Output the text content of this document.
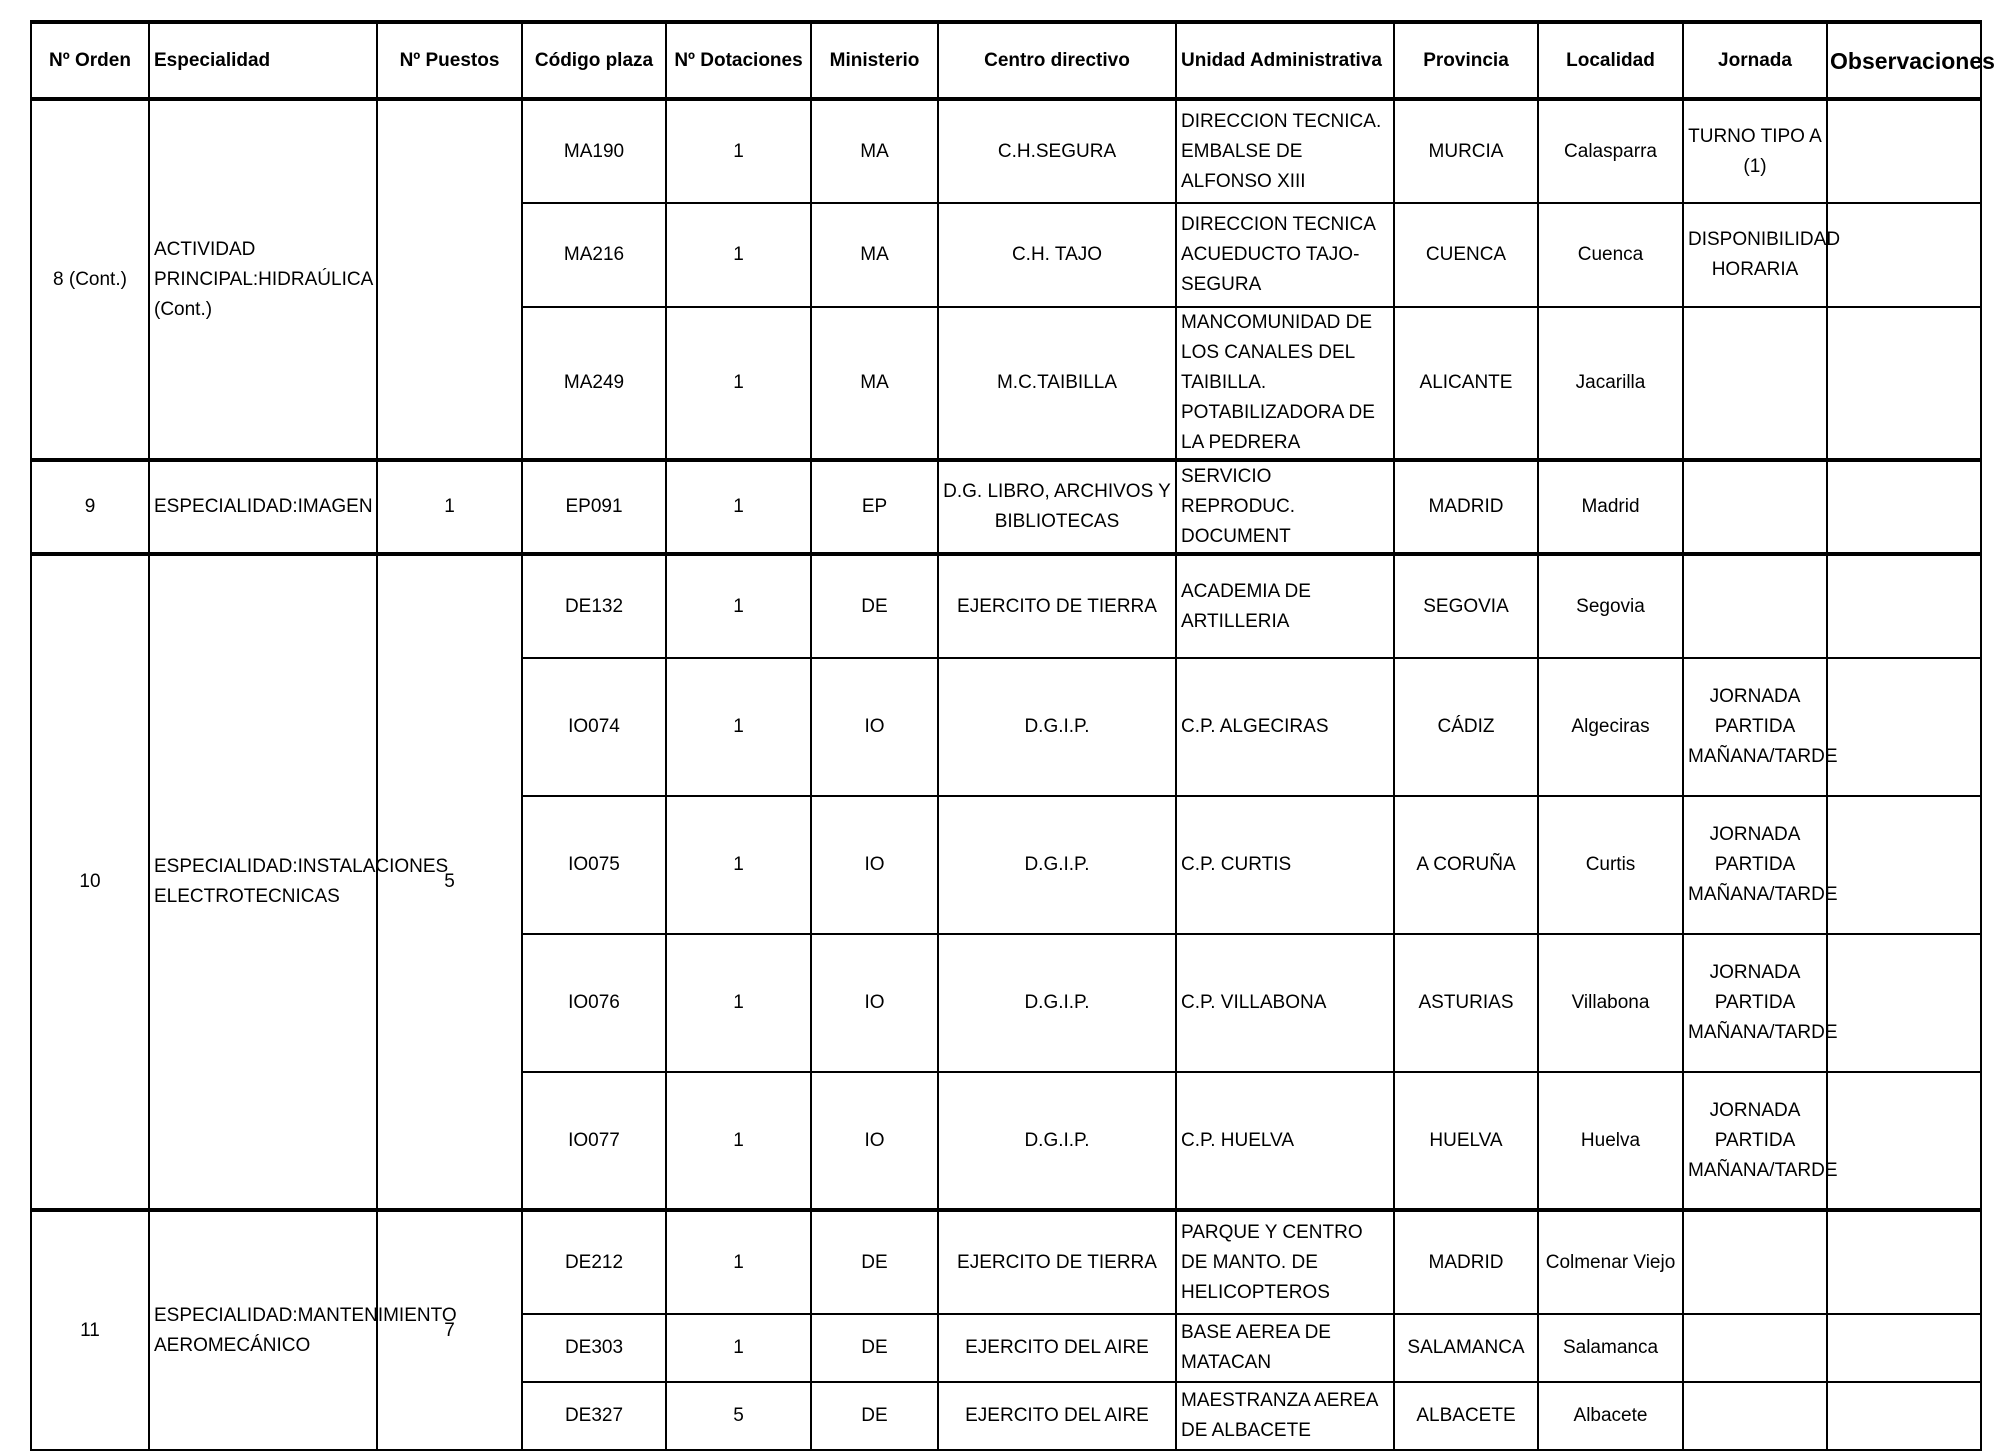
Nº Orden	Especialidad	Nº Puestos	Código plaza	Nº Dotaciones	Ministerio	Centro directivo	Unidad Administrativa	Provincia	Localidad	Jornada	Observaciones
8 (Cont.)	ACTIVIDAD PRINCIPAL:HIDRAÚLICA (Cont.)		MA190	1	MA	C.H.SEGURA	DIRECCION TECNICA. EMBALSE DE ALFONSO XIII	MURCIA	Calasparra	TURNO TIPO A (1)	
			MA216	1	MA	C.H. TAJO	DIRECCION TECNICA ACUEDUCTO TAJO-SEGURA	CUENCA	Cuenca	DISPONIBILIDAD HORARIA	
			MA249	1	MA	M.C.TAIBILLA	MANCOMUNIDAD DE LOS CANALES DEL TAIBILLA. POTABILIZADORA DE LA PEDRERA	ALICANTE	Jacarilla		
9	ESPECIALIDAD:IMAGEN	1	EP091	1	EP	D.G. LIBRO, ARCHIVOS Y BIBLIOTECAS	SERVICIO REPRODUC. DOCUMENT	MADRID	Madrid		
10	ESPECIALIDAD:INSTALACIONES ELECTROTECNICAS	5	DE132	1	DE	EJERCITO DE TIERRA	ACADEMIA DE ARTILLERIA	SEGOVIA	Segovia		
			IO074	1	IO	D.G.I.P.	C.P. ALGECIRAS	CÁDIZ	Algeciras	JORNADA PARTIDA MAÑANA/TARDE	
			IO075	1	IO	D.G.I.P.	C.P. CURTIS	A CORUÑA	Curtis	JORNADA PARTIDA MAÑANA/TARDE	
			IO076	1	IO	D.G.I.P.	C.P. VILLABONA	ASTURIAS	Villabona	JORNADA PARTIDA MAÑANA/TARDE	
			IO077	1	IO	D.G.I.P.	C.P. HUELVA	HUELVA	Huelva	JORNADA PARTIDA MAÑANA/TARDE	
11	ESPECIALIDAD:MANTENIMIENTO AEROMECÁNICO	7	DE212	1	DE	EJERCITO DE TIERRA	PARQUE Y CENTRO DE MANTO. DE HELICOPTEROS	MADRID	Colmenar Viejo		
			DE303	1	DE	EJERCITO DEL AIRE	BASE AEREA DE MATACAN	SALAMANCA	Salamanca		
			DE327	5	DE	EJERCITO DEL AIRE	MAESTRANZA AEREA DE ALBACETE	ALBACETE	Albacete		
